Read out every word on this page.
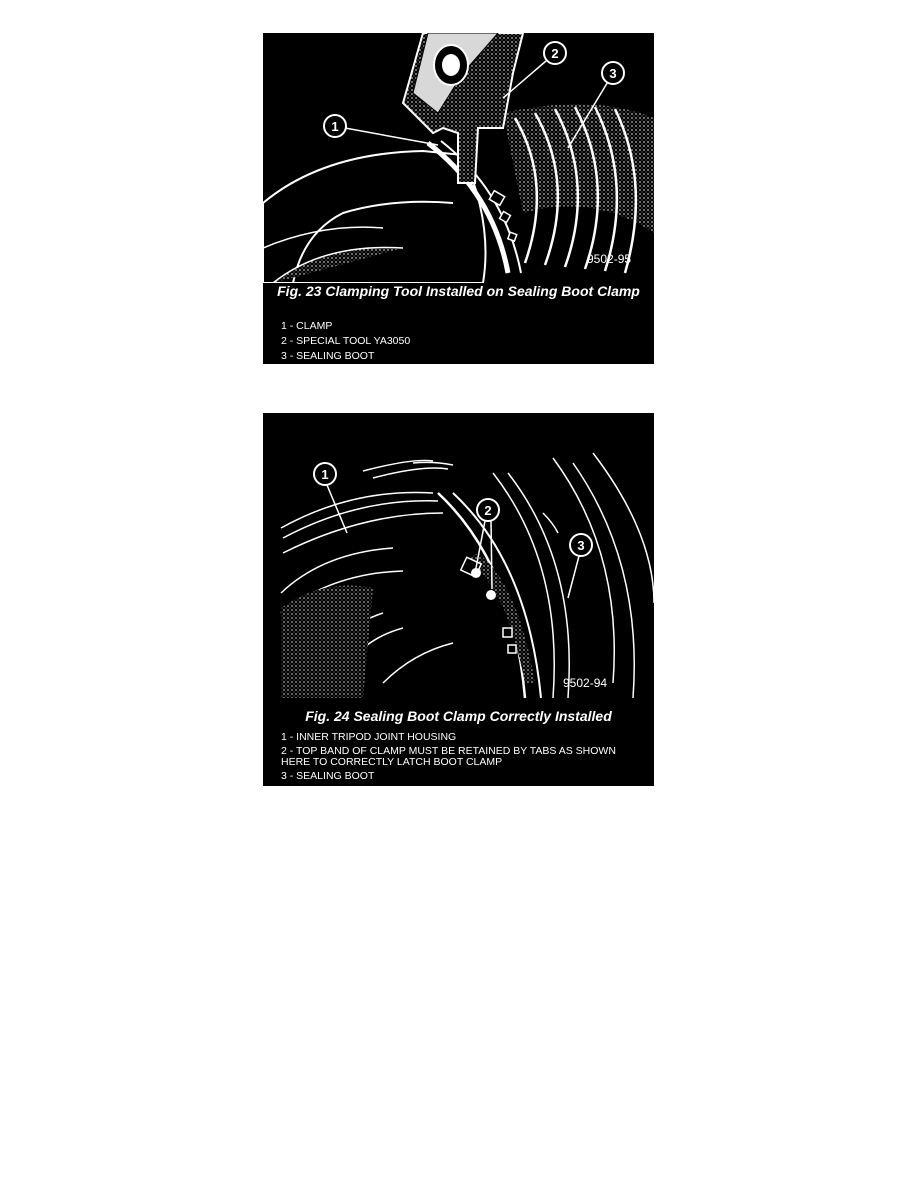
1
2
3
9502-95
Fig. 23 Clamping Tool Installed on Sealing Boot Clamp
1 - CLAMP
2 - SPECIAL TOOL YA3050
3 - SEALING BOOT
1
2
3
9502-94
Fig. 24 Sealing Boot Clamp Correctly Installed
1 - INNER TRIPOD JOINT HOUSING
2 - TOP BAND OF CLAMP MUST BE RETAINED BY TABS AS SHOWN HERE TO CORRECTLY LATCH BOOT CLAMP
3 - SEALING BOOT
